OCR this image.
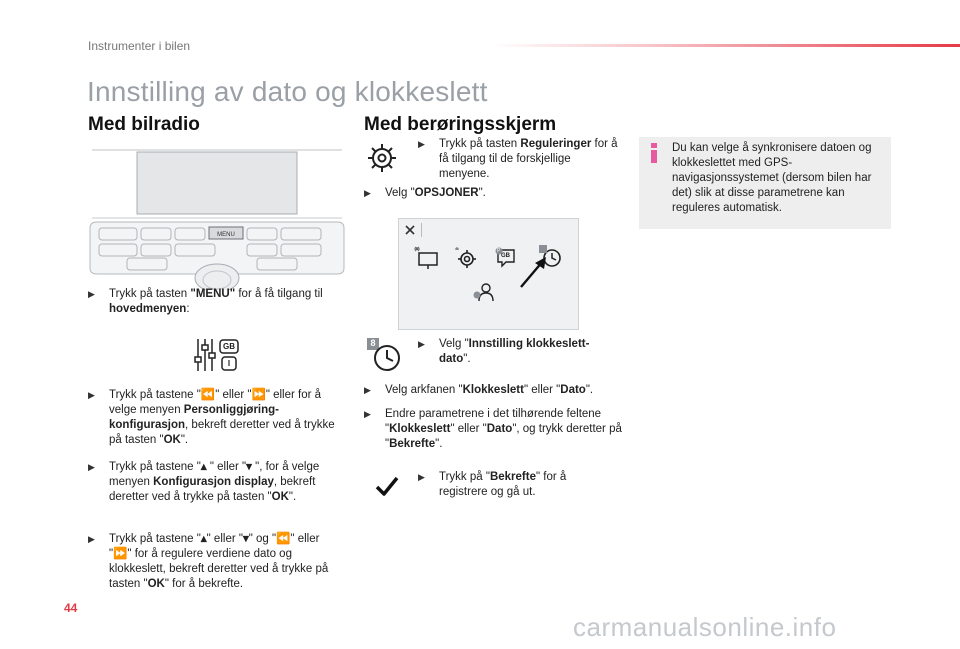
Instrumenter i bilen
Innstilling av dato og klokkeslett
Med bilradio
MENU
▶ Trykk på tasten "MENU" for å få tilgang til hovedmenyen:
GB
I
▶ Trykk på tastene "⏪" eller "⏩" eller for å velge menyen Personliggjøring-konfigurasjon, bekreft deretter ved å trykke på tasten "OK".
▶ Trykk på tastene "▴ " eller "▾ ", for å velge menyen Konfigurasjon display, bekreft deretter ved å trykke på tasten "OK".
▶ Trykk på tastene "▴" eller "▾" og "⏪" eller "⏩" for å regulere verdiene dato og klokkeslett, bekreft deretter ved å trykke på tasten "OK" for å bekrefte.
Med berøringsskjerm
▶ Trykk på tasten Reguleringer for å få tilgang til de forskjellige menyene.
▶ Velg "OPSJONER".
GB
P
8	▶ Velg "Innstilling klokkeslett-dato".
▶ Velg arkfanen "Klokkeslett" eller "Dato".
▶ Endre parametrene i det tilhørende feltene "Klokkeslett" eller "Dato", og trykk deretter på "Bekrefte".
▶ Trykk på "Bekrefte" for å registrere og gå ut.
Du kan velge å synkronisere datoen og klokkeslettet med GPS-navigasjonssystemet (dersom bilen har det) slik at disse parametrene kan reguleres automatisk.
44
carmanualsonline.info
